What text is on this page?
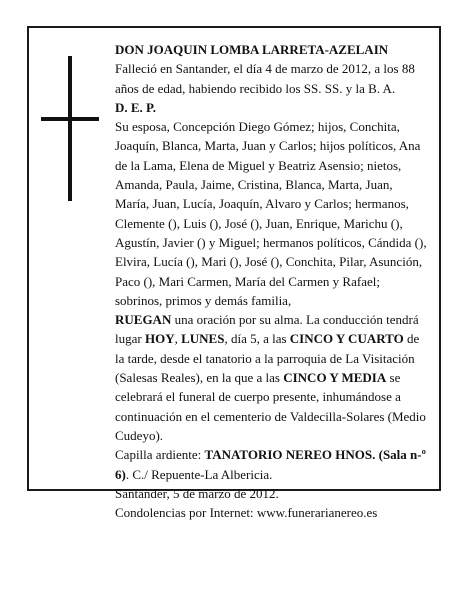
DON JOAQUIN LOMBA LARRETA-AZELAIN

Falleció en Santander, el día 4 de marzo de 2012, a los 88 años de edad, habiendo recibido los SS. SS. y la B. A.

D. E. P.

Su esposa, Concepción Diego Gómez; hijos, Conchita, Joaquín, Blanca, Marta, Juan y Carlos; hijos políticos, Ana de la Lama, Elena de Miguel y Beatriz Asensio; nietos, Amanda, Paula, Jaime, Cristina, Blanca, Marta, Juan, María, Juan, Lucía, Joaquín, Alvaro y Carlos; hermanos, Clemente (), Luis (), José (), Juan, Enrique, Marichu (), Agustín, Javier () y Miguel; hermanos políticos, Cándida (), Elvira, Lucía (), Mari (), José (), Conchita, Pilar, Asunción, Paco (), Mari Carmen, María del Carmen y Rafael; sobrinos, primos y demás familia,
RUEGAN una oración por su alma. La conducción tendrá lugar HOY, LUNES, día 5, a las CINCO Y CUARTO de la tarde, desde el tanatorio a la parroquia de La Visitación (Salesas Reales), en la que a las CINCO Y MEDIA se celebrará el funeral de cuerpo presente, inhumándose a continuación en el cementerio de Valdecilla-Solares (Medio Cudeyo).

Capilla ardiente: TANATORIO NEREO HNOS. (Sala n-º 6). C./ Repuente-La Albericia.

Santander, 5 de marzo de 2012.

Condolencias por Internet: www.funerarianereo.es
